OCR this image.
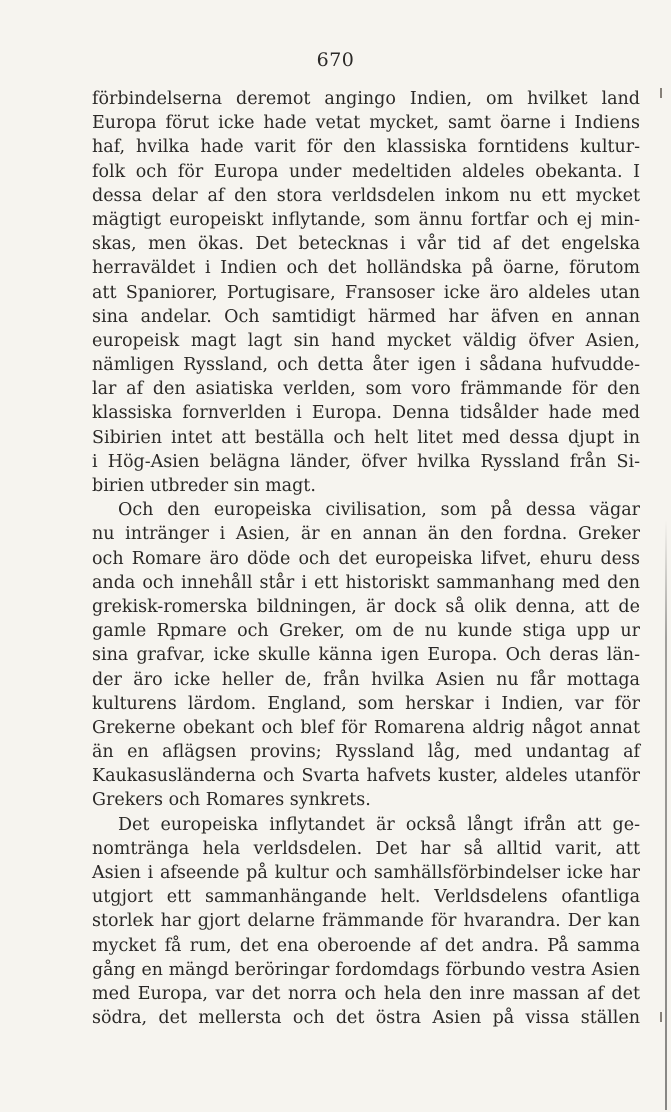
670
förbindelserna deremot angingo Indien, om hvilket land
Europa förut icke hade vetat mycket, samt öarne i Indiens
haf, hvilka hade varit för den klassiska forntidens kultur-
folk och för Europa under medeltiden aldeles obekanta. I
dessa delar af den stora verldsdelen inkom nu ett mycket
mägtigt europeiskt inflytande, som ännu fortfar och ej min-
skas, men ökas. Det betecknas i vår tid af det engelska
herraväldet i Indien och det holländska på öarne, förutom
att Spaniorer, Portugisare, Fransoser icke äro aldeles utan
sina andelar. Och samtidigt härmed har äfven en annan
europeisk magt lagt sin hand mycket väldig öfver Asien,
nämligen Ryssland, och detta åter igen i sådana hufvudde-
lar af den asiatiska verlden, som voro främmande för den
klassiska fornverlden i Europa. Denna tidsålder hade med
Sibirien intet att beställa och helt litet med dessa djupt in
i Hög-Asien belägna länder, öfver hvilka Ryssland från Si-
birien utbreder sin magt.
Och den europeiska civilisation, som på dessa vägar
nu intränger i Asien, är en annan än den fordna. Greker
och Romare äro döde och det europeiska lifvet, ehuru dess
anda och innehåll står i ett historiskt sammanhang med den
grekisk-romerska bildningen, är dock så olik denna, att de
gamle Rpmare och Greker, om de nu kunde stiga upp ur
sina grafvar, icke skulle känna igen Europa. Och deras län-
der äro icke heller de, från hvilka Asien nu får mottaga
kulturens lärdom. England, som herskar i Indien, var för
Grekerne obekant och blef för Romarena aldrig något annat
än en aflägsen provins; Ryssland låg, med undantag af
Kaukasusländerna och Svarta hafvets kuster, aldeles utanför
Grekers och Romares synkrets.
Det europeiska inflytandet är också långt ifrån att ge-
nomtränga hela verldsdelen. Det har så alltid varit, att
Asien i afseende på kultur och samhällsförbindelser icke har
utgjort ett sammanhängande helt. Verldsdelens ofantliga
storlek har gjort delarne främmande för hvarandra. Der kan
mycket få rum, det ena oberoende af det andra. På samma
gång en mängd beröringar fordomdags förbundo vestra Asien
med Europa, var det norra och hela den inre massan af det
södra, det mellersta och det östra Asien på vissa ställen
